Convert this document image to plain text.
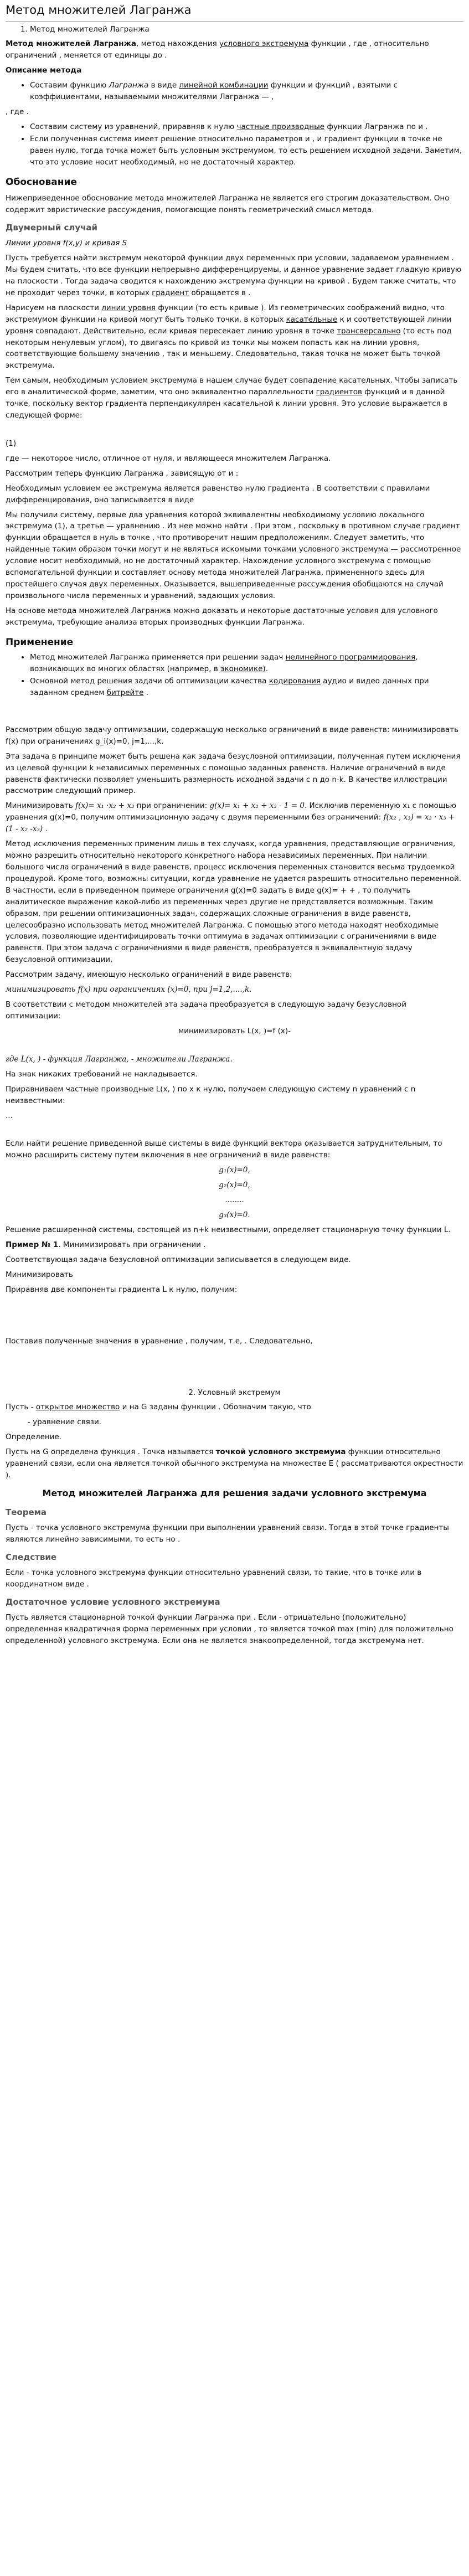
Метод множителей Лагранжа
1. Метод множителей Лагранжа

Метод множителей Лагранжа, метод нахождения условного экстремума функции , где , относительно ограничений , меняется от единицы до .

Описание метода

• Составим функцию Лагранжа в виде линейной комбинации функции и функций , взятыми с коэффициентами, называемыми множителями Лагранжа — ,

, где .

• Составим систему из уравнений, приравняв к нулю частные производные функции Лагранжа по и .
• Если полученная система имеет решение относительно параметров и , и градиент функции в точке не равен нулю, тогда точка может быть условным экстремумом, то есть решением исходной задачи. Заметим, что это условие носит необходимый, но не достаточный характер.
Обоснование

Нижеприведенное обоснование метода множителей Лагранжа не является его строгим доказательством. Оно содержит эвристические рассуждения, помогающие понять геометрический смысл метода.

Двумерный случай

Линии уровня f(x,y) и кривая S

Пусть требуется найти экстремум некоторой функции двух переменных при условии, задаваемом уравнением . Мы будем считать, что все функции непрерывно дифференцируемы, и данное уравнение задает гладкую кривую на плоскости . Тогда задача сводится к нахождению экстремума функции на кривой . Будем также считать, что не проходит через точки, в которых градиент обращается в .

Нарисуем на плоскости линии уровня функции (то есть кривые ). Из геометрических соображений видно, что экстремумом функции на кривой могут быть только точки, в которых касательные к и соответствующей линии уровня совпадают. Действительно, если кривая пересекает линию уровня в точке трансверсально (то есть под некоторым ненулевым углом), то двигаясь по кривой из точки мы можем попасть как на линии уровня, соответствующие большему значению , так и меньшему. Следовательно, такая точка не может быть точкой экстремума.

Тем самым, необходимым условием экстремума в нашем случае будет совпадение касательных. Чтобы записать его в аналитической форме, заметим, что оно эквивалентно параллельности градиентов функций и в данной точке, поскольку вектор градиента перпендикулярен касательной к линии уровня. Это условие выражается в следующей форме:

(1)

где — некоторое число, отличное от нуля, и являющееся множителем Лагранжа.

Рассмотрим теперь функцию Лагранжа , зависящую от и :

Необходимым условием ее экстремума является равенство нулю градиента . В соответствии с правилами дифференцирования, оно записывается в виде

Мы получили систему, первые два уравнения которой эквивалентны необходимому условию локального экстремума (1), а третье — уравнению . Из нее можно найти . При этом , поскольку в противном случае градиент функции обращается в нуль в точке , что противоречит нашим предположениям. Следует заметить, что найденные таким образом точки могут и не являться искомыми точками условного экстремума — рассмотренное условие носит необходимый, но не достаточный характер. Нахождение условного экстремума с помощью вспомогательной функции и составляет основу метода множителей Лагранжа, примененного здесь для простейшего случая двух переменных. Оказывается, вышеприведенные рассуждения обобщаются на случай произвольного числа переменных и уравнений, задающих условия.

На основе метода множителей Лагранжа можно доказать и некоторые достаточные условия для условного экстремума, требующие анализа вторых производных функции Лагранжа.

Применение
• Метод множителей Лагранжа применяется при решении задач нелинейного программирования, возникающих во многих областях (например, в экономике).
• Основной метод решения задачи об оптимизации качества кодирования аудио и видео данных при заданном среднем битрейте .

Рассмотрим общую задачу оптимизации, содержащую несколько ограничений в виде равенств: минимизировать f(x) при ограничениях g_i(x)=0, j=1,...,k.

Эта задача в принципе может быть решена как задача безусловной оптимизации, полученная путем исключения из целевой функции k независимых переменных с помощью заданных равенств. Наличие ограничений в виде равенств фактически позволяет уменьшить размерность исходной задачи с n до n-k. В качестве иллюстрации рассмотрим следующий пример.

Минимизировать f(x)= x₁ ·x₂ + x₃ при ограничении: g(x)= x₁ + x₂ + x₃ - 1 = 0. Исключив переменную x₁ с помощью уравнения g(x)=0, получим оптимизационную задачу с двумя переменными без ограничений: f(x₂ , x₃) = x₂ · x₃ + (1 - x₂ -x₃) .

Метод исключения переменных применим лишь в тех случаях, когда уравнения, представляющие ограничения, можно разрешить относительно некоторого конкретного набора независимых переменных. При наличии большого числа ограничений в виде равенств, процесс исключения переменных становится весьма трудоемкой процедурой. Кроме того, возможны ситуации, когда уравнение не удается разрешить относительно переменной. В частности, если в приведенном примере ограничения g(x)=0 задать в виде g(x)= + + , то получить аналитическое выражение какой-либо из переменных через другие не представляется возможным. Таким образом, при решении оптимизационных задач, содержащих сложные ограничения в виде равенств, целесообразно использовать метод множителей Лагранжа. С помощью этого метода находят необходимые условия, позволяющие идентифицировать точки оптимума в задачах оптимизации с ограничениями в виде равенств. При этом задача с ограничениями в виде равенств, преобразуется в эквивалентную задачу безусловной оптимизации.

Рассмотрим задачу, имеющую несколько ограничений в виде равенств:

минимизировать f(x) при ограничениях (x)=0, при j=1,2,....,k.

В соответствии с методом множителей эта задача преобразуется в следующую задачу безусловной оптимизации:

минимизировать L(x, )=f (x)-

где L(x, ) - функция Лагранжа, - множители Лагранжа.

На знак никаких требований не накладывается.

Приравниваем частные производные L(x, ) по x к нулю, получаем следующую систему n уравнений с n неизвестными:

...

Если найти решение приведенной выше системы в виде функций вектора оказывается затруднительным, то можно расширить систему путем включения в нее ограничений в виде равенств:

g₁(x)=0,

g₂(x)=0,

........

g₃(x)=0.

Решение расширенной системы, состоящей из n+k неизвестными, определяет стационарную точку функции L.

Пример № 1. Минимизировать при ограничении .

Соответствующая задача безусловной оптимизации записывается в следующем виде.

Минимизировать

Приравняв две компоненты градиента L к нулю, получим:

Поставив полученные значения в уравнение , получим, т.е, . Следовательно,

2. Условный экстремум

Пусть - открытое множество и на G заданы функции . Обозначим такую, что

- уравнение связи.

Определение.

Пусть на G определена функция . Точка называется точкой условного экстремума функции относительно уравнений связи, если она является точкой обычного экстремума на множестве E ( рассматриваются окрестности ).

Метод множителей Лагранжа для решения задачи условного экстремума

Теорема

Пусть - точка условного экстремума функции при выполнении уравнений связи. Тогда в этой точке градиенты являются линейно зависимыми, то есть но .

Следствие

Если - точка условного экстремума функции относительно уравнений связи, то такие, что в точке или в координатном виде .

Достаточное условие условного экстремума

Пусть является стационарной точкой функции Лагранжа при . Если - отрицательно (положительно) определенная квадратичная форма переменных при условии , то является точкой max (min) для положительно определенной) условного экстремума. Если она не является знакоопределенной, тогда экстремума нет.
